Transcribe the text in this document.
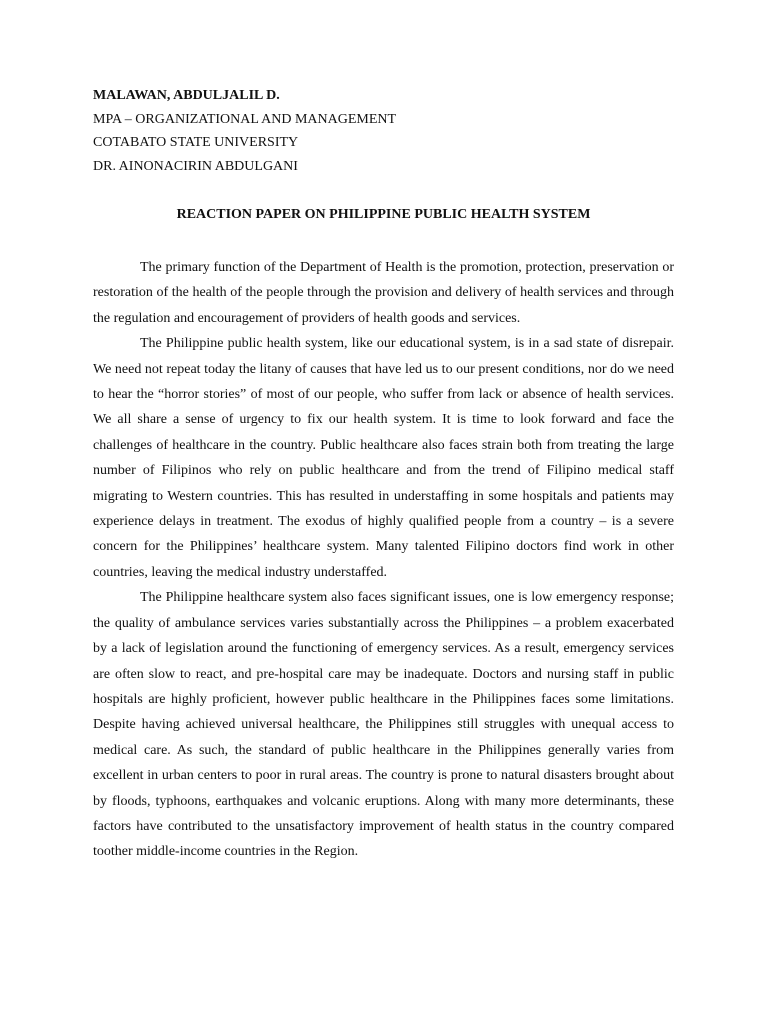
MALAWAN, ABDULJALIL D.

MPA – ORGANIZATIONAL AND MANAGEMENT

COTABATO STATE UNIVERSITY

DR. AINONACIRIN ABDULGANI

REACTION PAPER ON PHILIPPINE PUBLIC HEALTH SYSTEM

The primary function of the Department of Health is the promotion, protection, preservation or restoration of the health of the people through the provision and delivery of health services and through the regulation and encouragement of providers of health goods and services.

The Philippine public health system, like our educational system, is in a sad state of disrepair. We need not repeat today the litany of causes that have led us to our present conditions, nor do we need to hear the “horror stories” of most of our people, who suffer from lack or absence of health services. We all share a sense of urgency to fix our health system. It is time to look forward and face the challenges of healthcare in the country. Public healthcare also faces strain both from treating the large number of Filipinos who rely on public healthcare and from the trend of Filipino medical staff migrating to Western countries. This has resulted in understaffing in some hospitals and patients may experience delays in treatment. The exodus of highly qualified people from a country – is a severe concern for the Philippines’ healthcare system. Many talented Filipino doctors find work in other countries, leaving the medical industry understaffed.

The Philippine healthcare system also faces significant issues, one is low emergency response; the quality of ambulance services varies substantially across the Philippines – a problem exacerbated by a lack of legislation around the functioning of emergency services. As a result, emergency services are often slow to react, and pre-hospital care may be inadequate. Doctors and nursing staff in public hospitals are highly proficient, however public healthcare in the Philippines faces some limitations. Despite having achieved universal healthcare, the Philippines still struggles with unequal access to medical care. As such, the standard of public healthcare in the Philippines generally varies from excellent in urban centers to poor in rural areas. The country is prone to natural disasters brought about by floods, typhoons, earthquakes and volcanic eruptions. Along with many more determinants, these factors have contributed to the unsatisfactory improvement of health status in the country compared toother middle-income countries in the Region.
